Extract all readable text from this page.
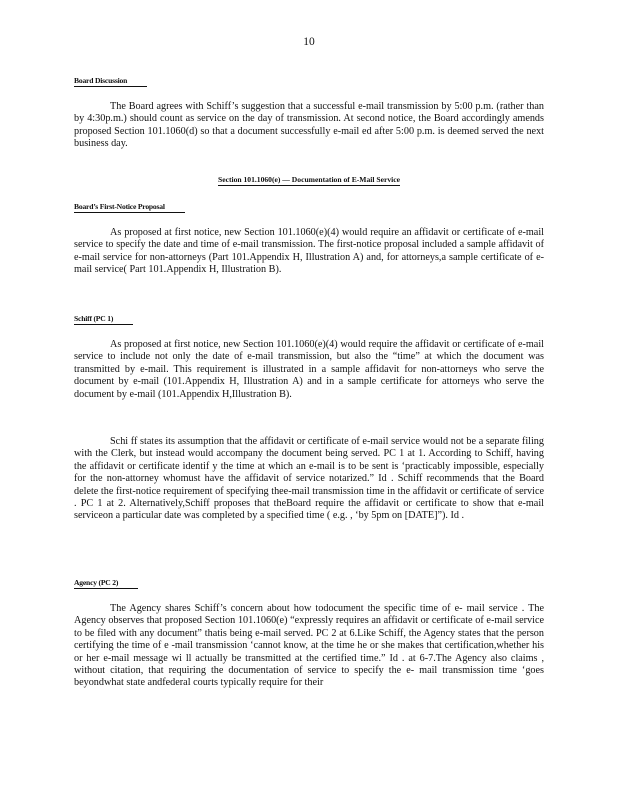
10
Board Discussion

The Board agrees with Schiff’s suggestion that a successful e-mail transmission by 5:00 p.m. (rather than by 4:30p.m.) should count as service on the day of transmission. At second notice, the Board accordingly amends proposed Section 101.1060(d) so that a document successfully e-mail ed after 5:00 p.m. is deemed served the next business day.

Section 101.1060(e) — Documentation of E-Mail Service
Board’s First-Notice Proposal

As proposed at first notice, new Section 101.1060(e)(4) would require an affidavit or certificate of e-mail service to specify the date and time of e-mail transmission. The first-notice proposal included a sample affidavit of e-mail service for non-attorneys (Part 101.Appendix H, Illustration A) and, for attorneys,a sample certificate of e-mail service( Part 101.Appendix H, Illustration B).

Schiff (PC 1)

As proposed at first notice, new Section 101.1060(e)(4) would require the affidavit or certificate of e-mail service to include not only the date of e-mail transmission, but also the “time” at which the document was transmitted by e-mail. This requirement is illustrated in a sample affidavit for non-attorneys who serve the document by e-mail (101.Appendix H, Illustration A) and in a sample certificate for attorneys who serve the document by e-mail (101.Appendix H,Illustration B).

Schi ff states its assumption that the affidavit or certificate of e-mail service would not be a separate filing with the Clerk, but instead would accompany the document being served. PC 1 at 1. According to Schiff, having the affidavit or certificate identif y the time at which an e-mail is to be sent is ‘practicably impossible, especially for the non-attorney whomust have the affidavit of service notarized.” Id . Schiff recommends that the Board delete the first-notice requirement of specifying thee-mail transmission time in the affidavit or certificate of service . PC 1 at 2. Alternatively,Schiff proposes that theBoard require the affidavit or certificate to show that e-mail serviceon a particular date was completed by a specified time ( e.g. , ‘by 5pm on [DATE]”). Id .

Agency (PC 2)

The Agency shares Schiff’s concern about how todocument the specific time of e- mail service . The Agency observes that proposed Section 101.1060(e) “expressly requires an affidavit or certificate of e-mail service to be filed with any document” thatis being e-mail served. PC 2 at 6.Like Schiff, the Agency states that the person certifying the time of e -mail transmission ‘cannot know, at the time he or she makes that certification,whether his or her e-mail message wi ll actually be transmitted at the certified time.” Id . at 6-7.The Agency also claims , without citation, that requiring the documentation of service to specify the e- mail transmission time ‘goes beyondwhat state andfederal courts typically require for their
